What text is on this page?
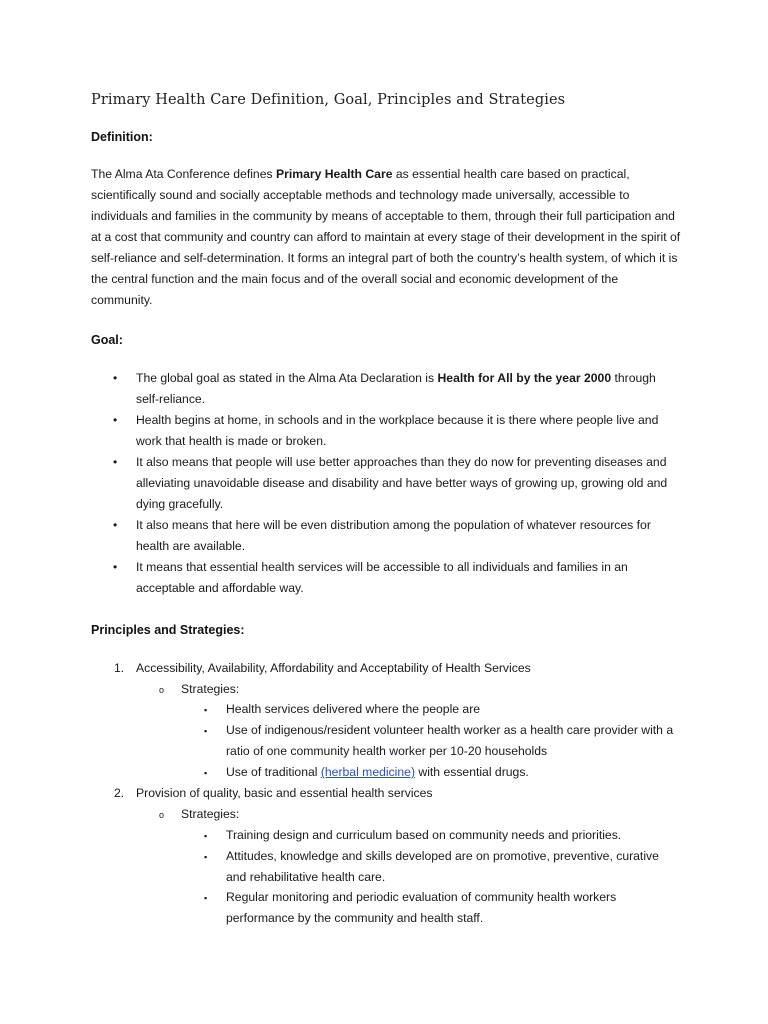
Primary Health Care Definition, Goal, Principles and Strategies
Definition:
The Alma Ata Conference defines Primary Health Care as essential health care based on practical, scientifically sound and socially acceptable methods and technology made universally, accessible to individuals and families in the community by means of acceptable to them, through their full participation and at a cost that community and country can afford to maintain at every stage of their development in the spirit of self-reliance and self-determination. It forms an integral part of both the country’s health system, of which it is the central function and the main focus and of the overall social and economic development of the community.
Goal:
• The global goal as stated in the Alma Ata Declaration is Health for All by the year 2000 through self-reliance.
• Health begins at home, in schools and in the workplace because it is there where people live and work that health is made or broken.
• It also means that people will use better approaches than they do now for preventing diseases and alleviating unavoidable disease and disability and have better ways of growing up, growing old and dying gracefully.
• It also means that here will be even distribution among the population of whatever resources for health are available.
• It means that essential health services will be accessible to all individuals and families in an acceptable and affordable way.
Principles and Strategies:
1. Accessibility, Availability, Affordability and Acceptability of Health Services
o Strategies:
▪ Health services delivered where the people are
▪ Use of indigenous/resident volunteer health worker as a health care provider with a ratio of one community health worker per 10-20 households
▪ Use of traditional (herbal medicine) with essential drugs.
2. Provision of quality, basic and essential health services
o Strategies:
▪ Training design and curriculum based on community needs and priorities.
▪ Attitudes, knowledge and skills developed are on promotive, preventive, curative and rehabilitative health care.
▪ Regular monitoring and periodic evaluation of community health workers performance by the community and health staff.
